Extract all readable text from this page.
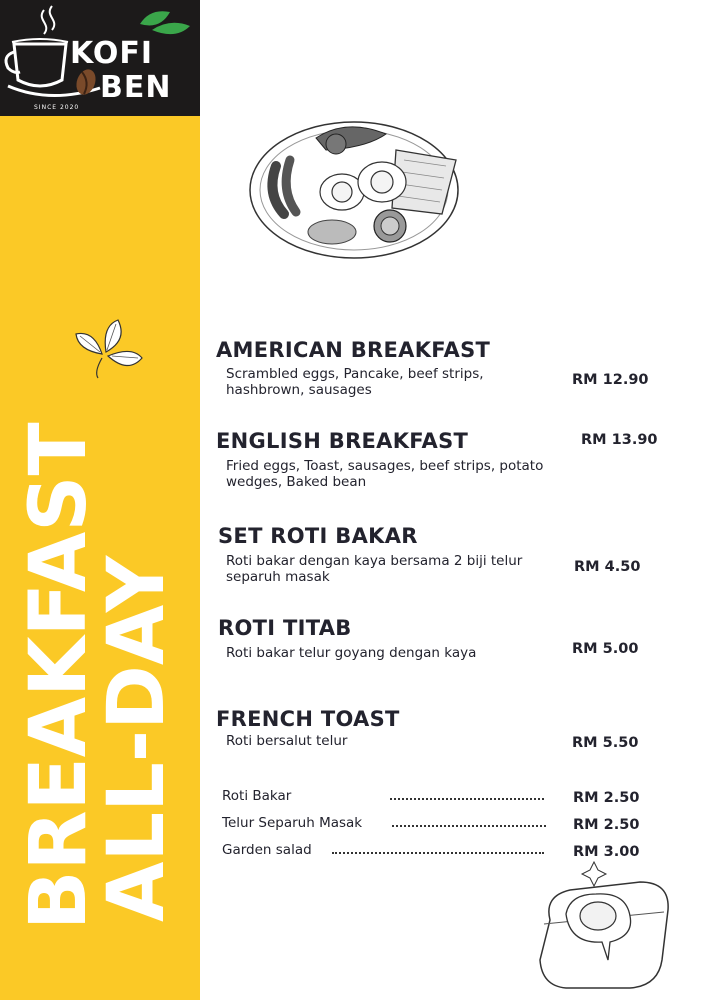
KOFI
BEN
SINCE 2020
BREAKFAST
ALL-DAY
AMERICAN BREAKFAST
Scrambled eggs, Pancake, beef strips, hashbrown, sausages
RM 12.90
ENGLISH BREAKFAST
Fried eggs, Toast, sausages, beef strips, potato wedges, Baked bean
RM 13.90
SET ROTI BAKAR
Roti bakar dengan kaya bersama 2 biji telur separuh masak
RM 4.50
ROTI TITAB
Roti bakar telur goyang dengan kaya	RM 5.00
FRENCH TOAST
Roti bersalut telur	RM 5.50
Roti Bakar	RM 2.50
Telur Separuh Masak	RM 2.50
Garden salad	RM 3.00
